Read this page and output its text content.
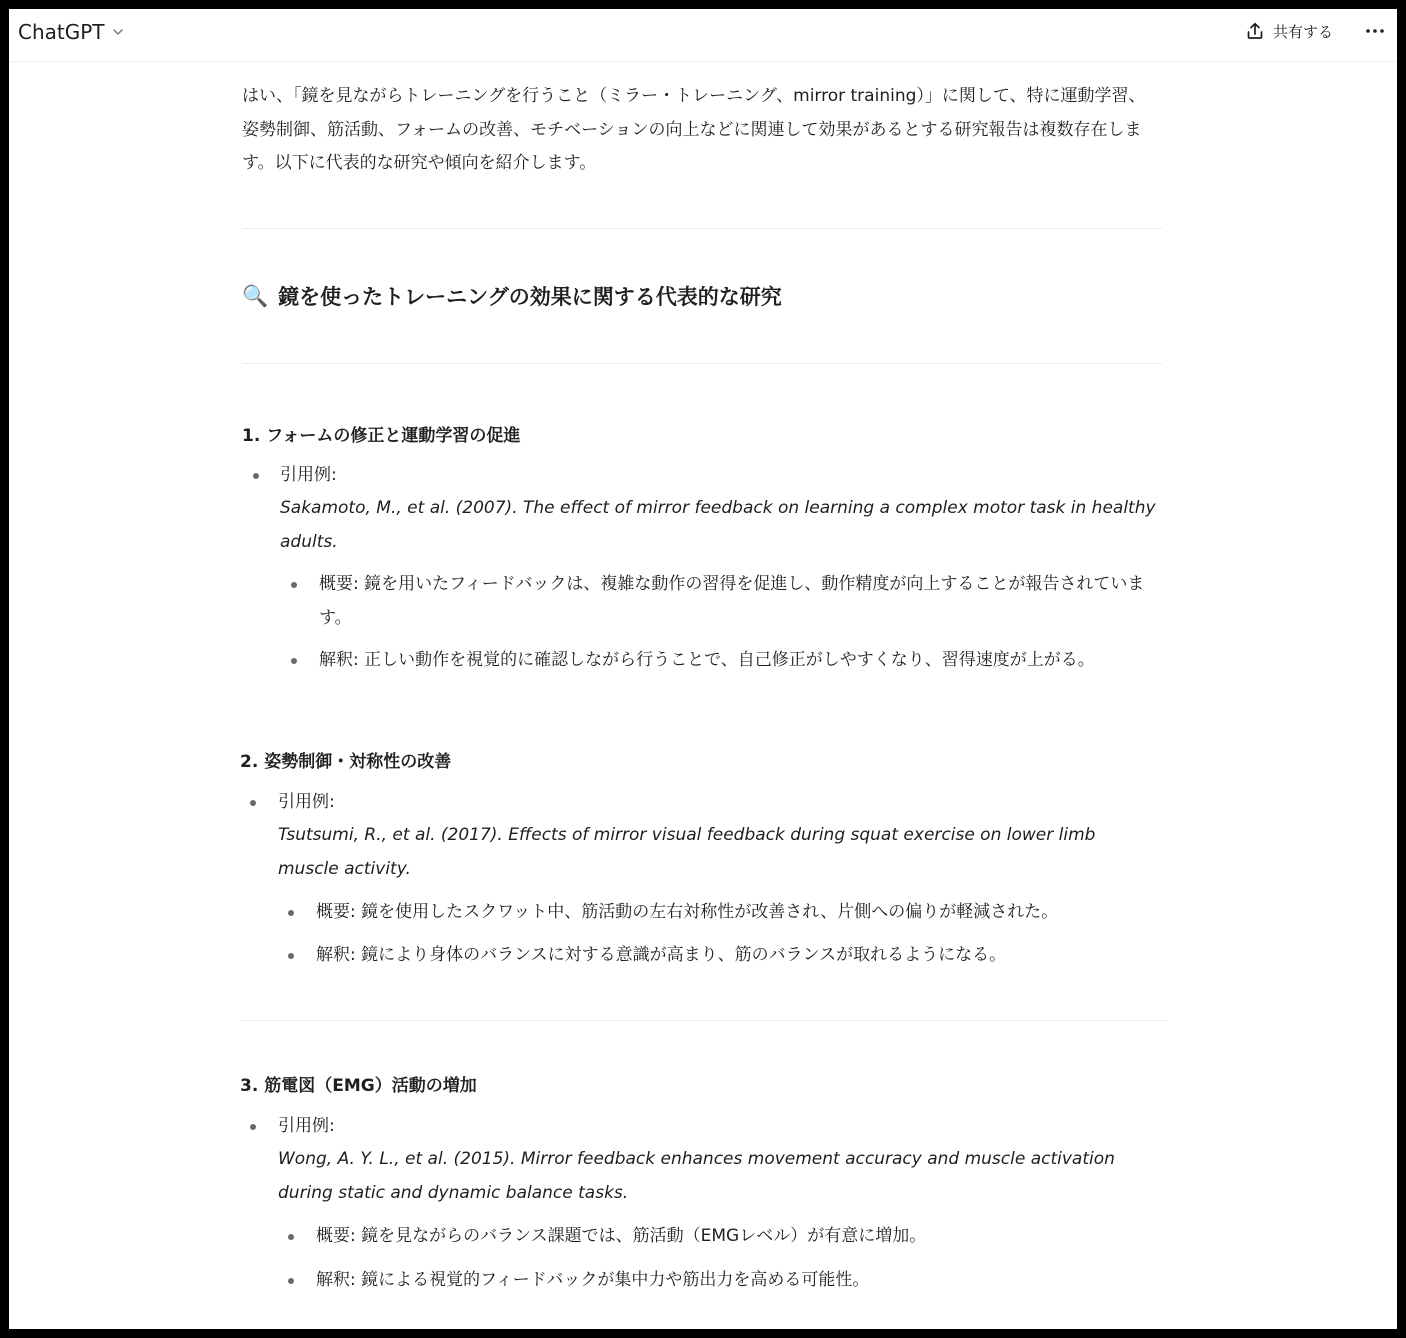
ChatGPT	共有する

はい、「鏡を見ながらトレーニングを行うこと（ミラー・トレーニング、mirror training）」に関して、特に運動学習、姿勢制御、筋活動、フォームの改善、モチベーションの向上などに関連して効果があるとする研究報告は複数存在します。以下に代表的な研究や傾向を紹介します。

🔍 鏡を使ったトレーニングの効果に関する代表的な研究
1. フォームの修正と運動学習の促進
引用例:
Sakamoto, M., et al. (2007). The effect of mirror feedback on learning a complex motor task in healthy adults.
概要: 鏡を用いたフィードバックは、複雑な動作の習得を促進し、動作精度が向上することが報告されています。
解釈: 正しい動作を視覚的に確認しながら行うことで、自己修正がしやすくなり、習得速度が上がる。
2. 姿勢制御・対称性の改善
引用例:
Tsutsumi, R., et al. (2017). Effects of mirror visual feedback during squat exercise on lower limb muscle activity.
概要: 鏡を使用したスクワット中、筋活動の左右対称性が改善され、片側への偏りが軽減された。
解釈: 鏡により身体のバランスに対する意識が高まり、筋のバランスが取れるようになる。
3. 筋電図（EMG）活動の増加
引用例:
Wong, A. Y. L., et al. (2015). Mirror feedback enhances movement accuracy and muscle activation during static and dynamic balance tasks.
概要: 鏡を見ながらのバランス課題では、筋活動（EMGレベル）が有意に増加。
解釈: 鏡による視覚的フィードバックが集中力や筋出力を高める可能性。
